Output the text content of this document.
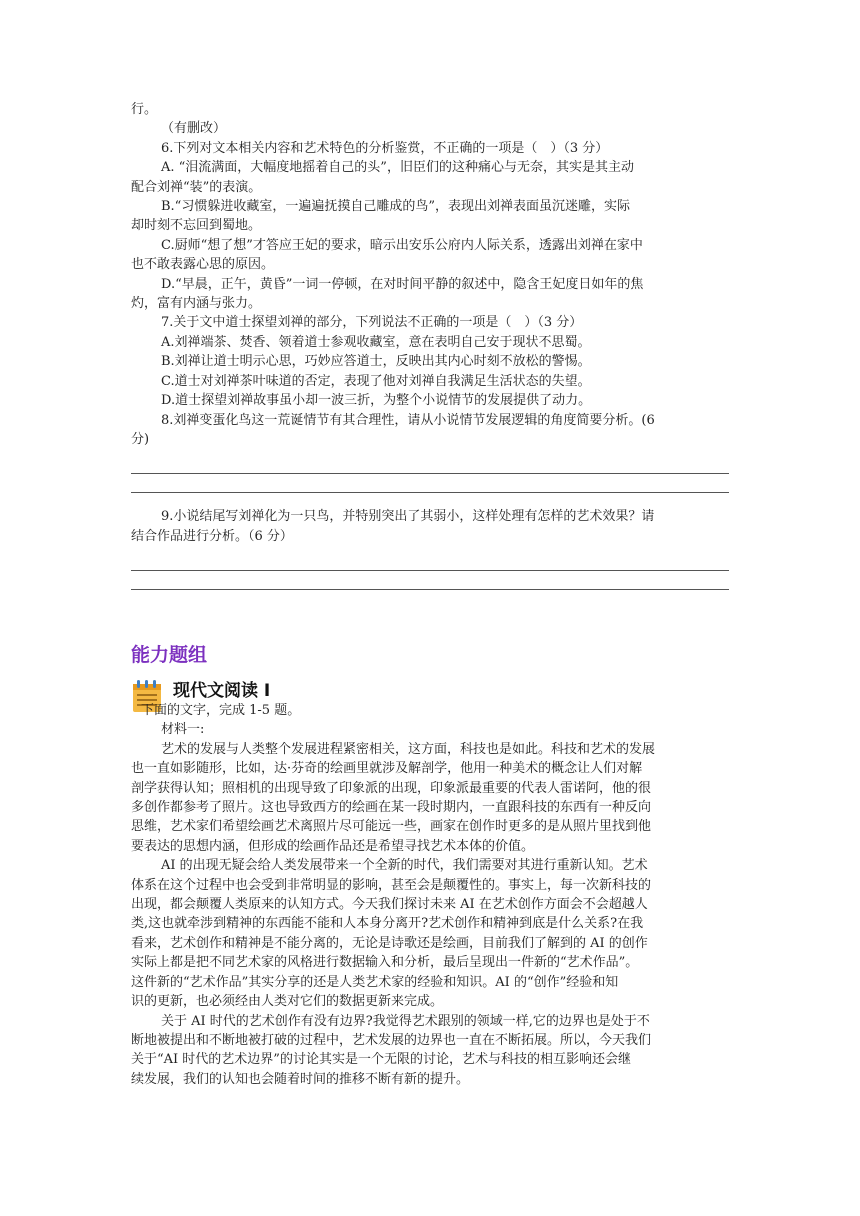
行。
（有删改）
6.下列对文本相关内容和艺术特色的分析鉴赏，不正确的一项是（　）（3 分）
A. “泪流满面，大幅度地摇着自己的头”，旧臣们的这种痛心与无奈，其实是其主动
配合刘禅“装”的表演。
B.“习惯躲进收藏室，一遍遍抚摸自己雕成的鸟”，表现出刘禅表面虽沉迷雕，实际
却时刻不忘回到蜀地。
C.厨师“想了想”才答应王妃的要求，暗示出安乐公府内人际关系，透露出刘禅在家中
也不敢表露心思的原因。
D.“早晨，正午，黄昏”一词一停顿，在对时间平静的叙述中，隐含王妃度日如年的焦
灼，富有内涵与张力。
7.关于文中道士探望刘禅的部分，下列说法不正确的一项是（　）（3 分）
A.刘禅端茶、焚香、领着道士参观收藏室，意在表明自己安于现状不思蜀。
B.刘禅让道士明示心思，巧妙应答道士，反映出其内心时刻不放松的警惕。
C.道士对刘禅茶叶味道的否定，表现了他对刘禅自我满足生活状态的失望。
D.道士探望刘禅故事虽小却一波三折，为整个小说情节的发展提供了动力。
8.刘禅变蛋化鸟这一荒诞情节有其合理性，请从小说情节发展逻辑的角度简要分析。(6
分)
9.小说结尾写刘禅化为一只鸟，并特别突出了其弱小，这样处理有怎样的艺术效果？请
结合作品进行分析。（6 分）
能力题组
现代文阅读 I
下面的文字，完成 1-5 题。
材料一:
艺术的发展与人类整个发展进程紧密相关，这方面，科技也是如此。科技和艺术的发展
也一直如影随形，比如，达·芬奇的绘画里就涉及解剖学，他用一种美术的概念让人们对解
剖学获得认知；照相机的出现导致了印象派的出现，印象派最重要的代表人雷诺阿，他的很
多创作都参考了照片。这也导致西方的绘画在某一段时期内，一直跟科技的东西有一种反向
思维，艺术家们希望绘画艺术离照片尽可能远一些，画家在创作时更多的是从照片里找到他
要表达的思想内涵，但形成的绘画作品还是希望寻找艺术本体的价值。
AI 的出现无疑会给人类发展带来一个全新的时代，我们需要对其进行重新认知。艺术
体系在这个过程中也会受到非常明显的影响，甚至会是颠覆性的。事实上，每一次新科技的
出现，都会颠覆人类原来的认知方式。今天我们探讨未来 AI 在艺术创作方面会不会超越人
类,这也就牵涉到精神的东西能不能和人本身分离开?艺术创作和精神到底是什么关系?在我
看来，艺术创作和精神是不能分离的，无论是诗歌还是绘画，目前我们了解到的 AI 的创作
实际上都是把不同艺术家的风格进行数据输入和分析，最后呈现出一件新的“艺术作品”。
这件新的“艺术作品”其实分享的还是人类艺术家的经验和知识。AI 的“创作”经验和知
识的更新，也必须经由人类对它们的数据更新来完成。
关于 AI 时代的艺术创作有没有边界?我觉得艺术跟别的领域一样,它的边界也是处于不
断地被提出和不断地被打破的过程中，艺术发展的边界也一直在不断拓展。所以，今天我们
关于“AI 时代的艺术边界”的讨论其实是一个无限的讨论，艺术与科技的相互影响还会继
续发展，我们的认知也会随着时间的推移不断有新的提升。
